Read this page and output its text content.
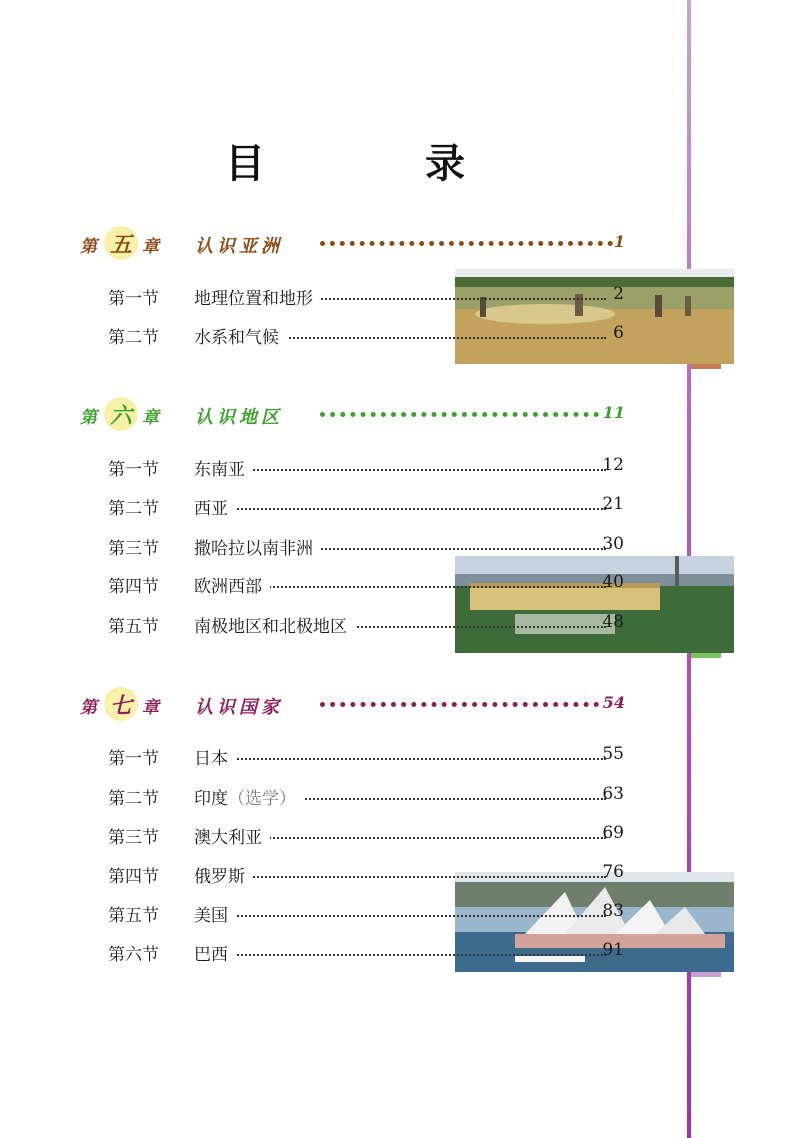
目　录
第 五 章 认识亚洲	1
第一节 地理位置和地形	2
第二节 水系和气候	6
第 六 章 认识地区	11
第一节 东南亚	12
第二节 西亚	21
第三节 撒哈拉以南非洲	30
第四节 欧洲西部	40
第五节 南极地区和北极地区	48
第 七 章 认识国家	54
第一节 日本	55
第二节 印度（选学）	63
第三节 澳大利亚	69
第四节 俄罗斯	76
第五节 美国	83
第六节 巴西	91
